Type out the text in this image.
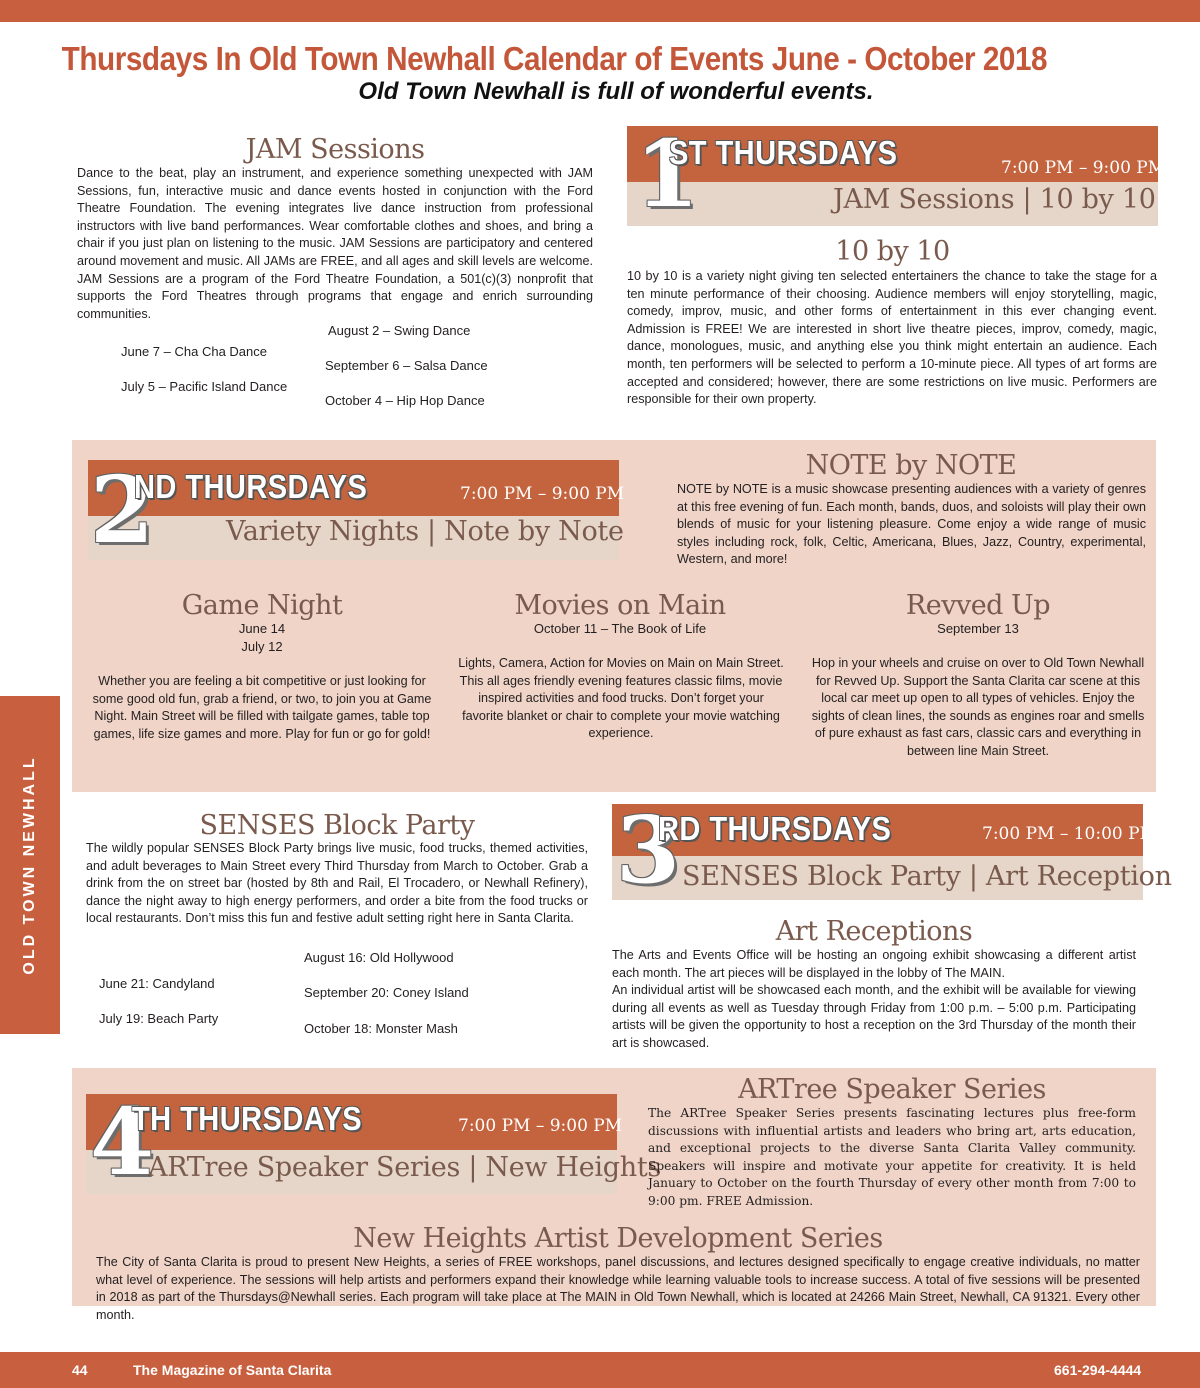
Thursdays In Old Town Newhall Calendar of Events June - October 2018
Old Town Newhall is full of wonderful events.
OLD TOWN NEWHALL
JAM Sessions
Dance to the beat, play an instrument, and experience something unexpected with JAM Sessions, fun, interactive music and dance events hosted in conjunction with the Ford Theatre Foundation. The evening integrates live dance instruction from professional instructors with live band performances. Wear comfortable clothes and shoes, and bring a chair if you just plan on listening to the music. JAM Sessions are participatory and centered around movement and music. All JAMs are FREE, and all ages and skill levels are welcome. JAM Sessions are a program of the Ford Theatre Foundation, a 501(c)(3) nonprofit that supports the Ford Theatres through programs that engage and enrich surrounding communities.
August 2 – Swing Dance
June 7 – Cha Cha Dance
September 6 – Salsa Dance
July 5 – Pacific Island Dance
October 4 – Hip Hop Dance
1
ST THURSDAYS	7:00 PM – 9:00 PM
JAM Sessions | 10 by 10
10 by 10
10 by 10 is a variety night giving ten selected entertainers the chance to take the stage for a ten minute performance of their choosing. Audience members will enjoy storytelling, magic, comedy, improv, music, and other forms of entertainment in this ever changing event. Admission is FREE! We are interested in short live theatre pieces, improv, comedy, magic, dance, monologues, music, and anything else you think might entertain an audience. Each month, ten performers will be selected to perform a 10-minute piece. All types of art forms are accepted and considered; however, there are some restrictions on live music. Performers are responsible for their own property.
2
ND THURSDAYS	7:00 PM – 9:00 PM
Variety Nights | Note by Note
NOTE by NOTE
NOTE by NOTE is a music showcase presenting audiences with a variety of genres at this free evening of fun. Each month, bands, duos, and soloists will play their own blends of music for your listening pleasure. Come enjoy a wide range of music styles including rock, folk, Celtic, Americana, Blues, Jazz, Country, experimental, Western, and more!
Game Night
June 14
July 12
Whether you are feeling a bit competitive or just looking for some good old fun, grab a friend, or two, to join you at Game Night. Main Street will be filled with tailgate games, table top games, life size games and more. Play for fun or go for gold!
Movies on Main
October 11 – The Book of Life
Lights, Camera, Action for Movies on Main on Main Street. This all ages friendly evening features classic films, movie inspired activities and food trucks. Don’t forget your favorite blanket or chair to complete your movie watching experience.
Revved Up
September 13
Hop in your wheels and cruise on over to Old Town Newhall for Revved Up. Support the Santa Clarita car scene at this local car meet up open to all types of vehicles. Enjoy the sights of clean lines, the sounds as engines roar and smells of pure exhaust as fast cars, classic cars and everything in between line Main Street.
SENSES Block Party
The wildly popular SENSES Block Party brings live music, food trucks, themed activities, and adult beverages to Main Street every Third Thursday from March to October. Grab a drink from the on street bar (hosted by 8th and Rail, El Trocadero, or Newhall Refinery), dance the night away to high energy performers, and order a bite from the food trucks or local restaurants. Don’t miss this fun and festive adult setting right here in Santa Clarita.
August 16: Old Hollywood
June 21: Candyland
September 20: Coney Island
July 19: Beach Party
October 18: Monster Mash
3
RD THURSDAYS	7:00 PM – 10:00 PM
SENSES Block Party | Art Reception
Art Receptions
The Arts and Events Office will be hosting an ongoing exhibit showcasing a different artist each month. The art pieces will be displayed in the lobby of The MAIN.
An individual artist will be showcased each month, and the exhibit will be available for viewing during all events as well as Tuesday through Friday from 1:00 p.m. – 5:00 p.m. Participating artists will be given the opportunity to host a reception on the 3rd Thursday of the month their art is showcased.
4
TH THURSDAYS	7:00 PM – 9:00 PM
ARTree Speaker Series | New Heights
ARTree Speaker Series
The ARTree Speaker Series presents fascinating lectures plus free-form discussions with influential artists and leaders who bring art, arts education, and exceptional projects to the diverse Santa Clarita Valley community. Speakers will inspire and motivate your appetite for creativity. It is held January to October on the fourth Thursday of every other month from 7:00 to 9:00 pm. FREE Admission.
New Heights Artist Development Series
The City of Santa Clarita is proud to present New Heights, a series of FREE workshops, panel discussions, and lectures designed specifically to engage creative individuals, no matter what level of experience. The sessions will help artists and performers expand their knowledge while learning valuable tools to increase success. A total of five sessions will be presented in 2018 as part of the Thursdays@Newhall series. Each program will take place at The MAIN in Old Town Newhall, which is located at 24266 Main Street, Newhall, CA 91321. Every other month.
44	The Magazine of Santa Clarita	661-294-4444
